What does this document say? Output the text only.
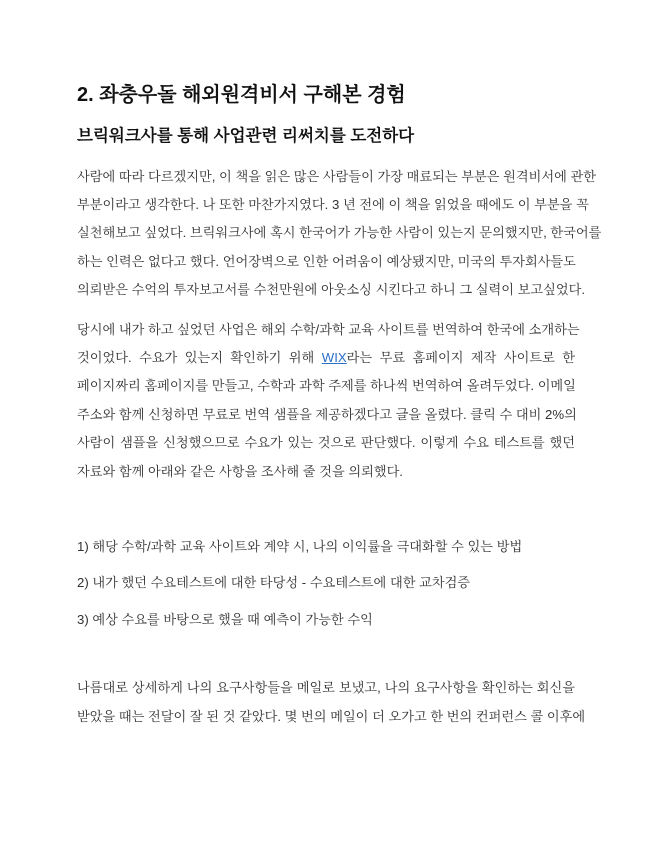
2. 좌충우돌 해외원격비서 구해본 경험
브릭워크사를 통해 사업관련 리써치를 도전하다
사람에 따라 다르겠지만, 이 책을 읽은 많은 사람들이 가장 매료되는 부분은 원격비서에 관한
부분이라고 생각한다. 나 또한 마찬가지였다. 3 년 전에 이 책을 읽었을 때에도 이 부분을 꼭
실천해보고 싶었다. 브릭워크사에 혹시 한국어가 가능한 사람이 있는지 문의했지만, 한국어를
하는 인력은 없다고 했다. 언어장벽으로 인한 어려움이 예상됐지만, 미국의 투자회사들도
의뢰받은 수억의 투자보고서를 수천만원에 아웃소싱 시킨다고 하니 그 실력이 보고싶었다.
당시에 내가 하고 싶었던 사업은 해외 수학/과학 교육 사이트를 번역하여 한국에 소개하는
것이었다. 수요가 있는지 확인하기 위해 WIX라는 무료 홈페이지 제작 사이트로 한
페이지짜리 홈페이지를 만들고, 수학과 과학 주제를 하나씩 번역하여 올려두었다. 이메일
주소와 함께 신청하면 무료로 번역 샘플을 제공하겠다고 글을 올렸다. 클릭 수 대비 2%의
사람이 샘플을 신청했으므로 수요가 있는 것으로 판단했다. 이렇게 수요 테스트를 했던
자료와 함께 아래와 같은 사항을 조사해 줄 것을 의뢰했다.
1) 해당 수학/과학 교육 사이트와 계약 시, 나의 이익률을 극대화할 수 있는 방법
2) 내가 했던 수요테스트에 대한 타당성 - 수요테스트에 대한 교차검증
3) 예상 수요를 바탕으로 했을 때 예측이 가능한 수익
나름대로 상세하게 나의 요구사항들을 메일로 보냈고, 나의 요구사항을 확인하는 회신을
받았을 때는 전달이 잘 된 것 같았다. 몇 번의 메일이 더 오가고 한 번의 컨퍼런스 콜 이후에
